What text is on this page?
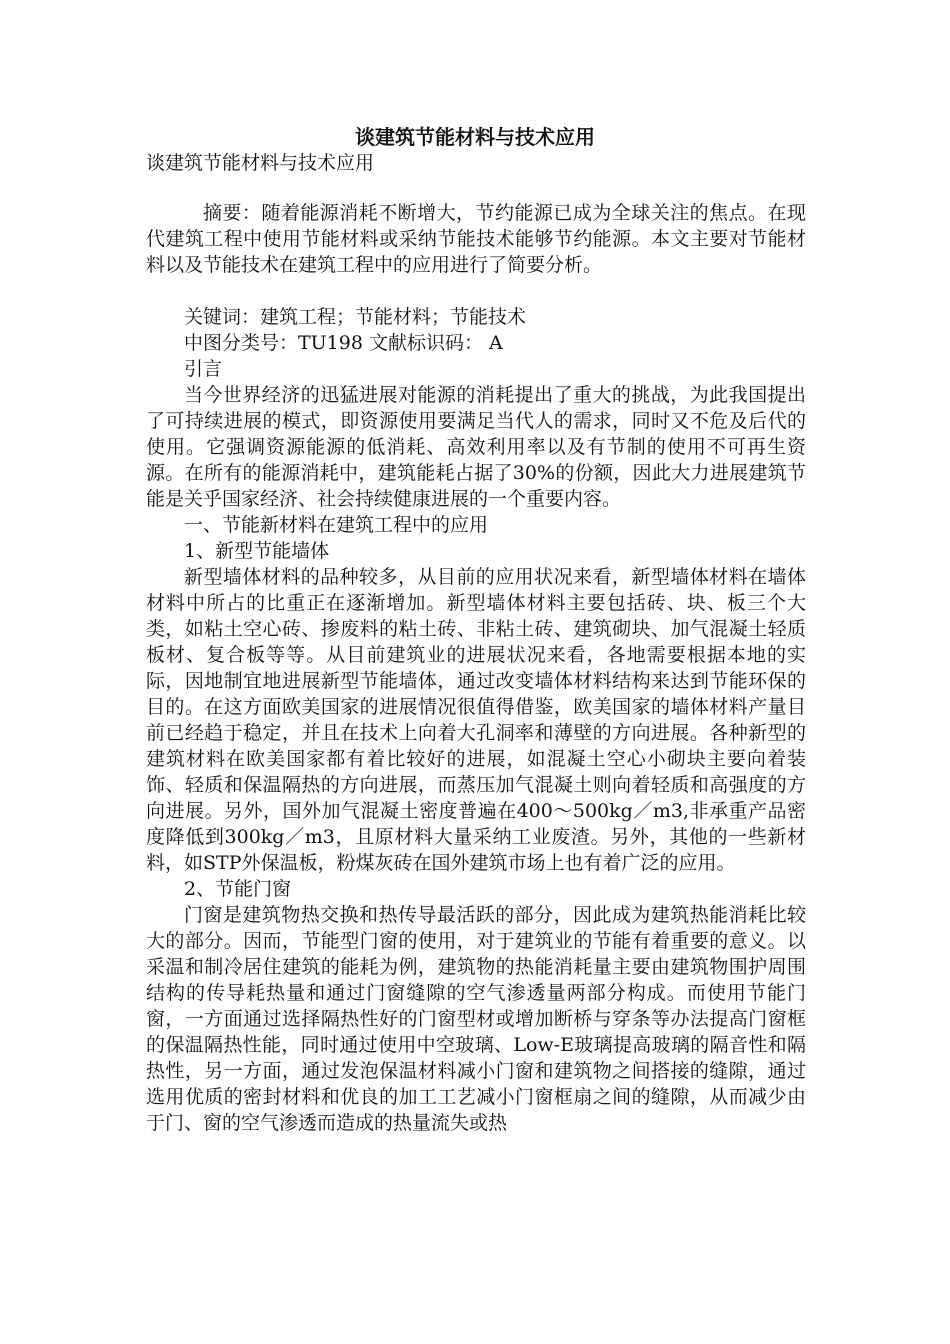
谈建筑节能材料与技术应用

谈建筑节能材料与技术应用

摘要：随着能源消耗不断增大，节约能源已成为全球关注的焦点。在现代建筑工程中使用节能材料或采纳节能技术能够节约能源。本文主要对节能材料以及节能技术在建筑工程中的应用进行了简要分析。

关键词：建筑工程；节能材料；节能技术

中图分类号：TU198 文献标识码： A

引言

当今世界经济的迅猛进展对能源的消耗提出了重大的挑战，为此我国提出了可持续进展的模式，即资源使用要满足当代人的需求，同时又不危及后代的使用。它强调资源能源的低消耗、高效利用率以及有节制的使用不可再生资源。在所有的能源消耗中，建筑能耗占据了30%的份额，因此大力进展建筑节能是关乎国家经济、社会持续健康进展的一个重要内容。

一、节能新材料在建筑工程中的应用

1、新型节能墙体

新型墙体材料的品种较多，从目前的应用状况来看，新型墙体材料在墙体材料中所占的比重正在逐渐增加。新型墙体材料主要包括砖、块、板三个大类，如粘土空心砖、掺废料的粘土砖、非粘土砖、建筑砌块、加气混凝土轻质板材、复合板等等。从目前建筑业的进展状况来看，各地需要根据本地的实际，因地制宜地进展新型节能墙体，通过改变墙体材料结构来达到节能环保的目的。在这方面欧美国家的进展情况很值得借鉴，欧美国家的墙体材料产量目前已经趋于稳定，并且在技术上向着大孔洞率和薄壁的方向进展。各种新型的建筑材料在欧美国家都有着比较好的进展，如混凝土空心小砌块主要向着装饰、轻质和保温隔热的方向进展，而蒸压加气混凝土则向着轻质和高强度的方向进展。另外，国外加气混凝土密度普遍在400～500kg／m3,非承重产品密度降低到300kg／m3，且原材料大量采纳工业废渣。另外，其他的一些新材料，如STP外保温板，粉煤灰砖在国外建筑市场上也有着广泛的应用。

2、节能门窗

门窗是建筑物热交换和热传导最活跃的部分，因此成为建筑热能消耗比较大的部分。因而，节能型门窗的使用，对于建筑业的节能有着重要的意义。以采温和制冷居住建筑的能耗为例，建筑物的热能消耗量主要由建筑物围护周围结构的传导耗热量和通过门窗缝隙的空气渗透量两部分构成。而使用节能门窗，一方面通过选择隔热性好的门窗型材或增加断桥与穿条等办法提高门窗框的保温隔热性能，同时通过使用中空玻璃、Low-E玻璃提高玻璃的隔音性和隔热性，另一方面，通过发泡保温材料减小门窗和建筑物之间搭接的缝隙，通过选用优质的密封材料和优良的加工工艺减小门窗框扇之间的缝隙，从而减少由于门、窗的空气渗透而造成的热量流失或热
